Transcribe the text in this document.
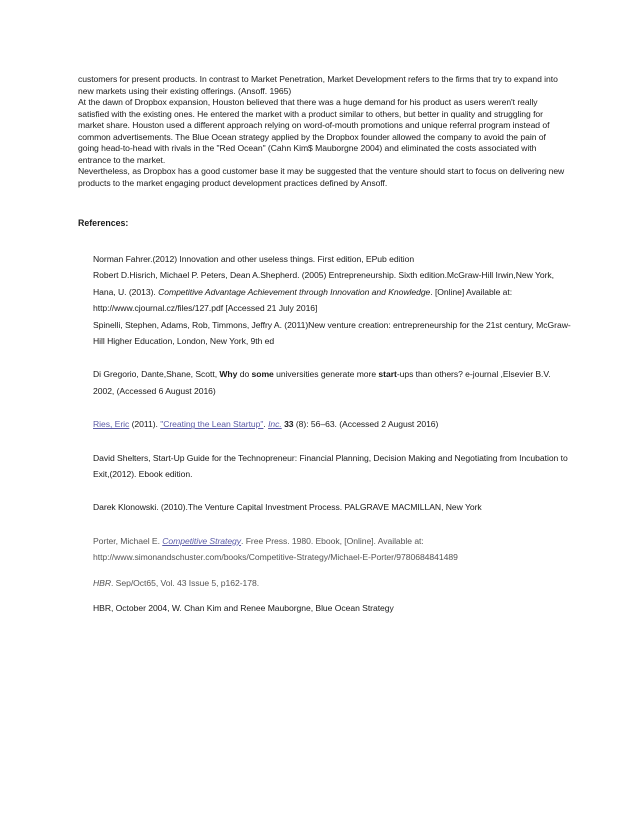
customers for present products. In contrast to Market Penetration, Market Development refers to the firms that try to expand into new markets using their existing offerings. (Ansoff. 1965)

At the dawn of Dropbox expansion, Houston believed that there was a huge demand for his product as users weren't really satisfied with the existing ones. He entered the market with a product similar to others, but better in quality and struggling for market share. Houston used a different approach relying on word-of-mouth promotions and unique referral program instead of common advertisements. The Blue Ocean strategy applied by the Dropbox founder allowed the company to avoid the pain of going head-to-head with rivals in the "Red Ocean" (Cahn Kim$ Mauborgne 2004) and eliminated the costs associated with entrance to the market.

Nevertheless, as Dropbox has a good customer base it may be suggested that the venture should start to focus on delivering new products to the market engaging product development practices defined by Ansoff.

References:

Norman Fahrer.(2012) Innovation and other useless things. First edition, EPub edition

Robert D.Hisrich, Michael P. Peters, Dean A.Shepherd. (2005) Entrepreneurship. Sixth edition.McGraw-Hill Irwin,New York,

Hana, U. (2013). Competitive Advantage Achievement through Innovation and Knowledge. [Online] Available at: http://www.cjournal.cz/files/127.pdf [Accessed 21 July 2016]

Spinelli, Stephen, Adams, Rob, Timmons, Jeffry A. (2011)New venture creation: entrepreneurship for the 21st century, McGraw-Hill Higher Education, London, New York, 9th ed

Di Gregorio, Dante,Shane, Scott, Why do some universities generate more start-ups than others? e-journal ,Elsevier B.V. 2002, (Accessed 6 August 2016)

Ries, Eric (2011). "Creating the Lean Startup". Inc. 33 (8): 56–63. (Accessed 2 August 2016)

David Shelters, Start-Up Guide for the Technopreneur: Financial Planning, Decision Making and Negotiating from Incubation to Exit,(2012). Ebook edition.

Darek Klonowski. (2010).The Venture Capital Investment Process. PALGRAVE MACMILLAN, New York

Porter, Michael E. Competitive Strategy. Free Press. 1980. Ebook, [Online]. Available at: http://www.simonandschuster.com/books/Competitive-Strategy/Michael-E-Porter/9780684841489

HBR. Sep/Oct65, Vol. 43 Issue 5, p162-178.

HBR, October 2004, W. Chan Kim and Renee Mauborgne, Blue Ocean Strategy
